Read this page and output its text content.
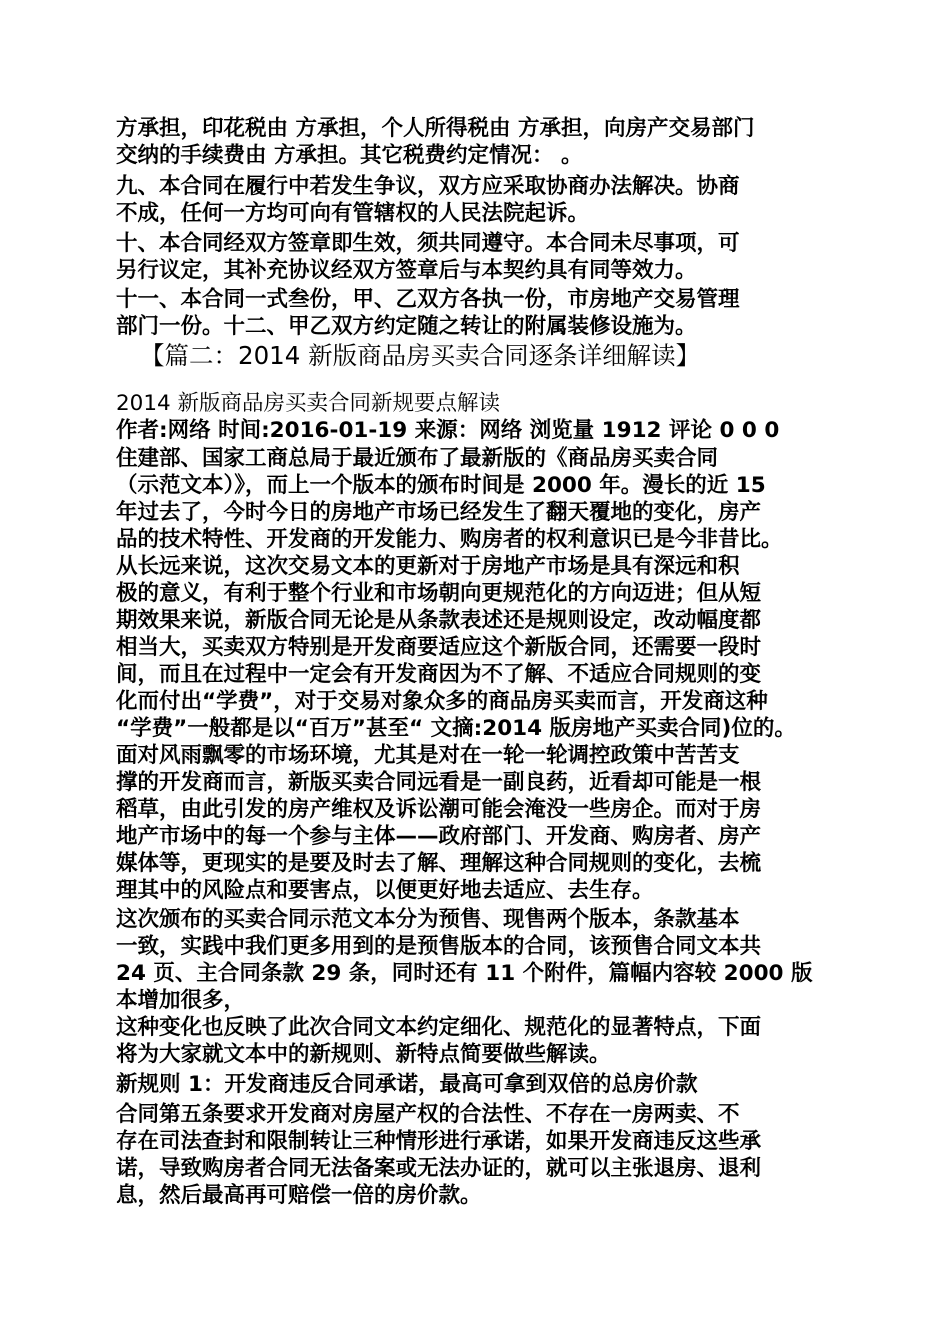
方承担，印花税由 方承担，个人所得税由 方承担，向房产交易部门
交纳的手续费由 方承担。其它税费约定情况： 。
九、本合同在履行中若发生争议，双方应采取协商办法解决。协商
不成，任何一方均可向有管辖权的人民法院起诉。
十、本合同经双方签章即生效，须共同遵守。本合同未尽事项，可
另行议定，其补充协议经双方签章后与本契约具有同等效力。
十一、本合同一式叁份，甲、乙双方各执一份，市房地产交易管理
部门一份。十二、甲乙双方约定随之转让的附属装修设施为。
【篇二：2014 新版商品房买卖合同逐条详细解读】
2014 新版商品房买卖合同新规要点解读
作者:网络 时间:2016-01-19 来源：网络 浏览量 1912 评论 0 0 0
住建部、国家工商总局于最近颁布了最新版的《商品房买卖合同
（示范文本）》，而上一个版本的颁布时间是 2000 年。漫长的近 15
年过去了，今时今日的房地产市场已经发生了翻天覆地的变化，房产
品的技术特性、开发商的开发能力、购房者的权利意识已是今非昔比。
从长远来说，这次交易文本的更新对于房地产市场是具有深远和积
极的意义，有利于整个行业和市场朝向更规范化的方向迈进；但从短
期效果来说，新版合同无论是从条款表述还是规则设定，改动幅度都
相当大，买卖双方特别是开发商要适应这个新版合同，还需要一段时
间，而且在过程中一定会有开发商因为不了解、不适应合同规则的变
化而付出“学费”，对于交易对象众多的商品房买卖而言，开发商这种
“学费”一般都是以“百万”甚至“ 文摘:2014 版房地产买卖合同)位的。
面对风雨飘零的市场环境，尤其是对在一轮一轮调控政策中苦苦支
撑的开发商而言，新版买卖合同远看是一副良药，近看却可能是一根
稻草，由此引发的房产维权及诉讼潮可能会淹没一些房企。而对于房
地产市场中的每一个参与主体——政府部门、开发商、购房者、房产
媒体等，更现实的是要及时去了解、理解这种合同规则的变化，去梳
理其中的风险点和要害点，以便更好地去适应、去生存。
这次颁布的买卖合同示范文本分为预售、现售两个版本，条款基本
一致，实践中我们更多用到的是预售版本的合同，该预售合同文本共
24 页、主合同条款 29 条，同时还有 11 个附件，篇幅内容较 2000 版
本增加很多，
这种变化也反映了此次合同文本约定细化、规范化的显著特点，下面
将为大家就文本中的新规则、新特点简要做些解读。
新规则 1：开发商违反合同承诺，最高可拿到双倍的总房价款
合同第五条要求开发商对房屋产权的合法性、不存在一房两卖、不
存在司法查封和限制转让三种情形进行承诺，如果开发商违反这些承
诺，导致购房者合同无法备案或无法办证的，就可以主张退房、退利
息，然后最高再可赔偿一倍的房价款。
